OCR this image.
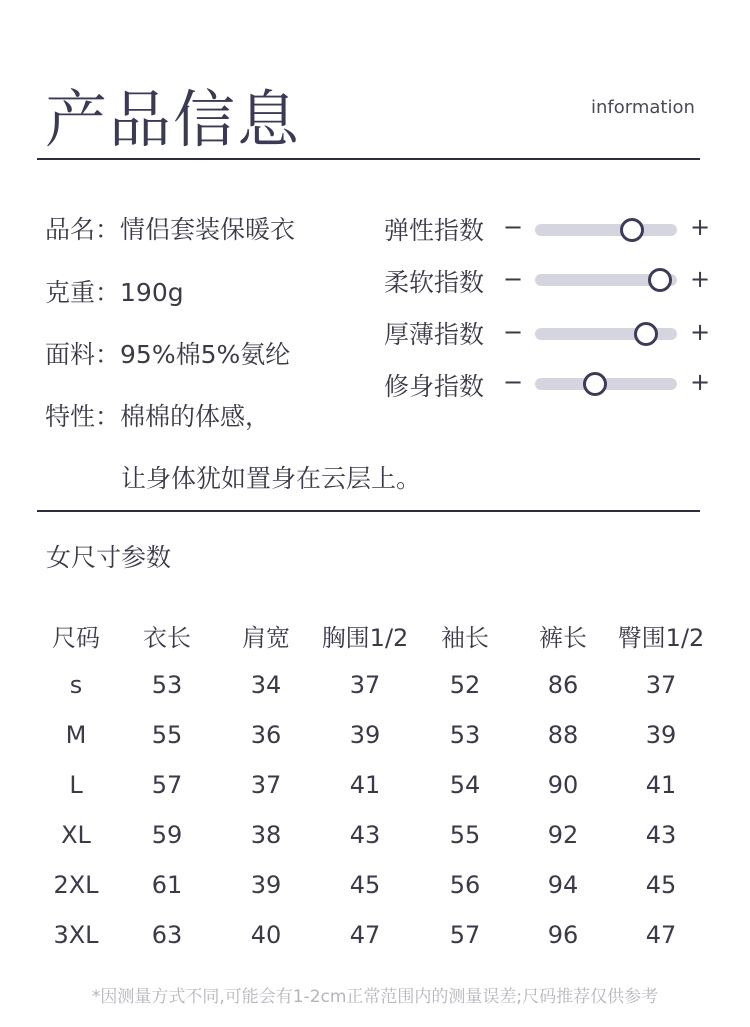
产品信息	information
品名：情侣套装保暖衣
克重：190g
面料：95%棉5%氨纶
特性：棉棉的体感，
让身体犹如置身在云层上。
弹性指数 −	+
柔软指数 −	+
厚薄指数 −	+
修身指数 −	+
女尺寸参数
尺码	衣长	肩宽	胸围1/2	袖长	裤长	臀围1/2
s	53	34	37	52	86	37
M	55	36	39	53	88	39
L	57	37	41	54	90	41
XL	59	38	43	55	92	43
2XL	61	39	45	56	94	45
3XL	63	40	47	57	96	47
*因测量方式不同,可能会有1-2cm正常范围内的测量误差;尺码推荐仅供参考
